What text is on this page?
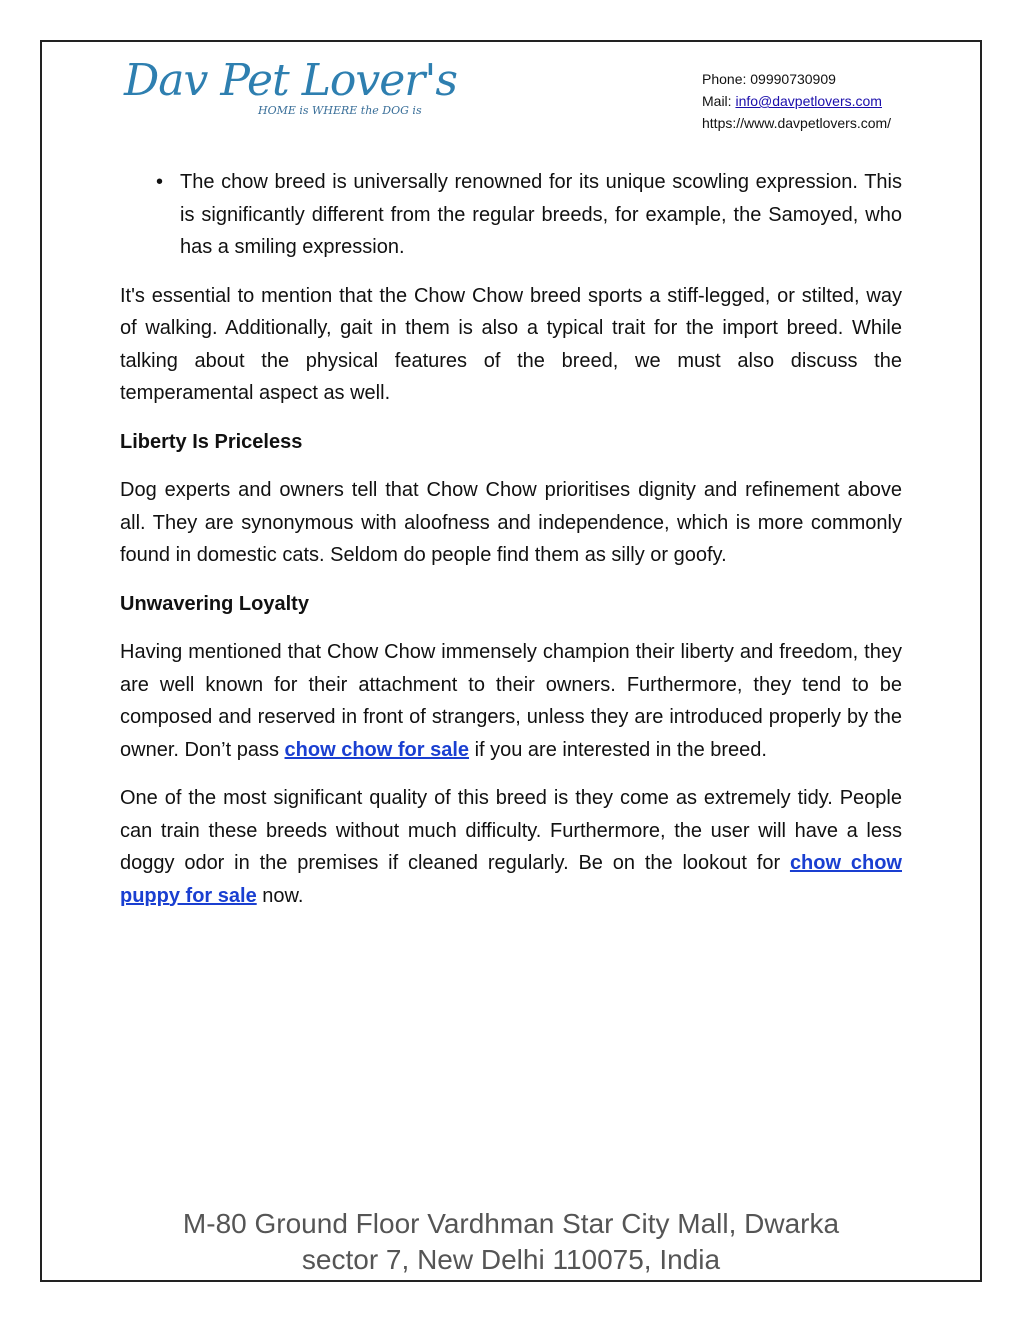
Dav Pet Lover's
HOME is WHERE the DOG is
Phone: 09990730909
Mail: info@davpetlovers.com
https://www.davpetlovers.com/
• The chow breed is universally renowned for its unique scowling expression. This is significantly different from the regular breeds, for example, the Samoyed, who has a smiling expression.

It's essential to mention that the Chow Chow breed sports a stiff-legged, or stilted, way of walking. Additionally, gait in them is also a typical trait for the import breed. While talking about the physical features of the breed, we must also discuss the temperamental aspect as well.

Liberty Is Priceless

Dog experts and owners tell that Chow Chow prioritises dignity and refinement above all. They are synonymous with aloofness and independence, which is more commonly found in domestic cats. Seldom do people find them as silly or goofy.

Unwavering Loyalty

Having mentioned that Chow Chow immensely champion their liberty and freedom, they are well known for their attachment to their owners. Furthermore, they tend to be composed and reserved in front of strangers, unless they are introduced properly by the owner. Don’t pass chow chow for sale if you are interested in the breed.

One of the most significant quality of this breed is they come as extremely tidy. People can train these breeds without much difficulty. Furthermore, the user will have a less doggy odor in the premises if cleaned regularly. Be on the lookout for chow chow puppy for sale now.

M-80 Ground Floor Vardhman Star City Mall, Dwarka
sector 7, New Delhi 110075, India
